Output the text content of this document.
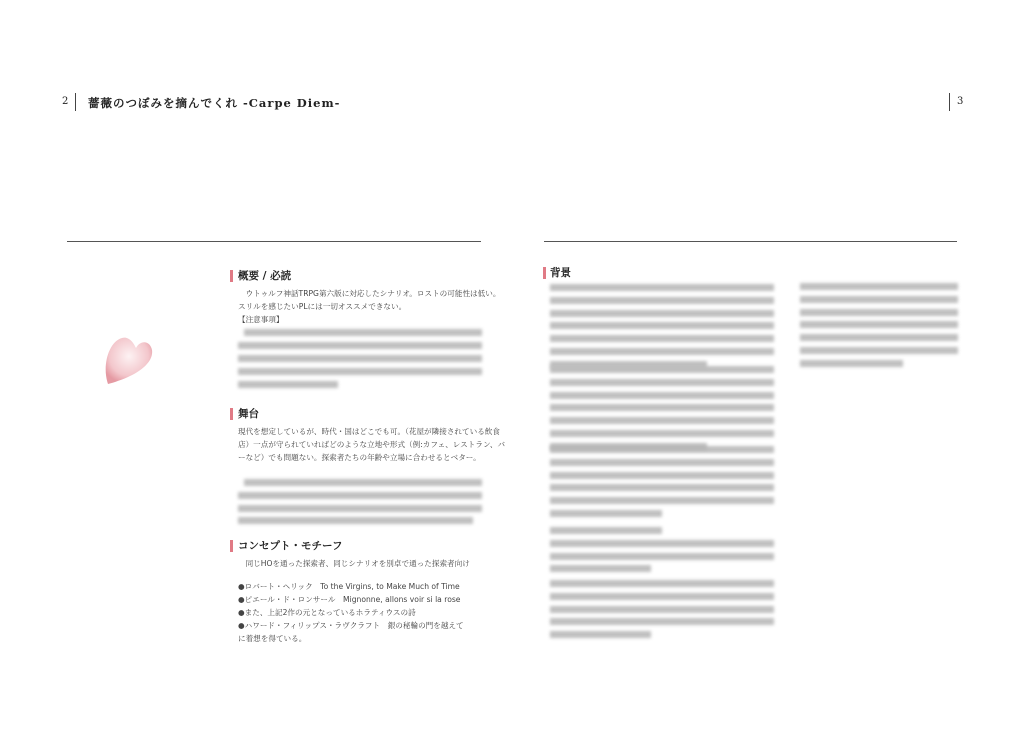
2 薔薇のつぼみを摘んでくれ -Carpe Diem-	3
概要 / 必読
　ウトゥルフ神話TRPG第六版に対応したシナリオ。ロストの可能性は低い。
スリルを感じたいPLには一切オススメできない。
【注意事項】
舞台
現代を想定しているが、時代・国はどこでも可。（花屋が隣接されている飲食
店）一点が守られていればどのような立地や形式（例:カフェ、レストラン、バ
ーなど）でも問題ない。探索者たちの年齢や立場に合わせるとベター。
コンセプト・モチーフ
　同じHOを通った探索者、同じシナリオを別卓で通った探索者向け
●ロバート・ヘリック　To the Virgins, to Make Much of Time
●ピエール・ド・ロンサール　Mignonne, allons voir si la rose
●また、上記2作の元となっているホラティウスの詩
●ハワード・フィリップス・ラヴクラフト　銀の秘輪の門を越えて
に着想を得ている。
背景
